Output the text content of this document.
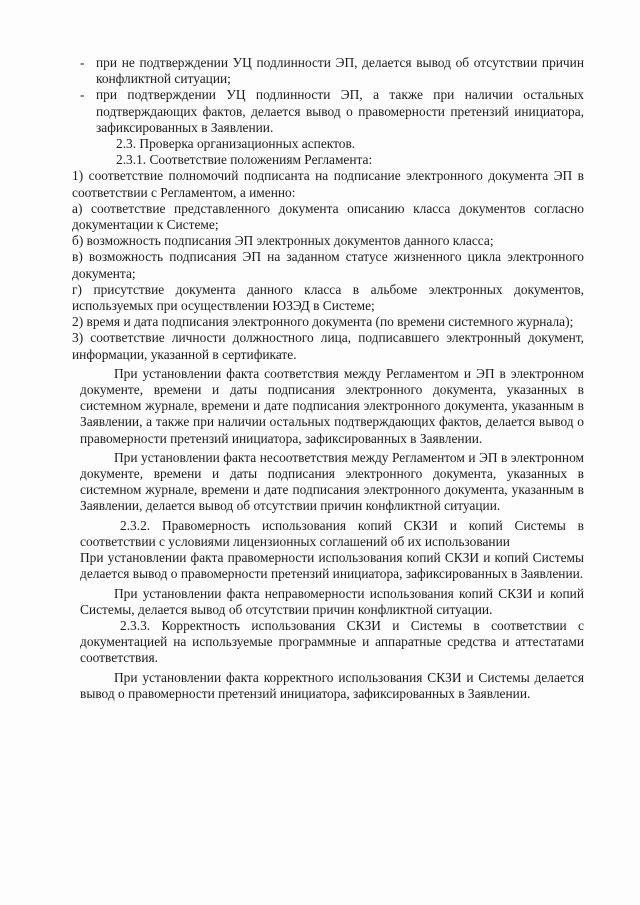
- при не подтверждении УЦ подлинности ЭП, делается вывод об отсутствии причин конфликтной ситуации;
- при подтверждении УЦ подлинности ЭП, а также при наличии остальных подтверждающих фактов, делается вывод о правомерности претензий инициатора, зафиксированных в Заявлении.

2.3. Проверка организационных аспектов.

2.3.1. Соответствие положениям Регламента:

1) соответствие полномочий подписанта на подписание электронного документа ЭП в соответствии с Регламентом, а именно:

а) соответствие представленного документа описанию класса документов согласно документации к Системе;

б) возможность подписания ЭП электронных документов данного класса;

в) возможность подписания ЭП на заданном статусе жизненного цикла электронного документа;

г) присутствие документа данного класса в альбоме электронных документов, используемых при осуществлении ЮЗЭД в Системе;

2) время и дата подписания электронного документа (по времени системного журнала);

3) соответствие личности должностного лица, подписавшего электронный документ, информации, указанной в сертификате.

При установлении факта соответствия между Регламентом и ЭП в электронном документе, времени и даты подписания электронного документа, указанных в системном журнале, времени и дате подписания электронного документа, указанным в Заявлении, а также при наличии остальных подтверждающих фактов, делается вывод о правомерности претензий инициатора, зафиксированных в Заявлении.

При установлении факта несоответствия между Регламентом и ЭП в электронном документе, времени и даты подписания электронного документа, указанных в системном журнале, времени и дате подписания электронного документа, указанным в Заявлении, делается вывод об отсутствии причин конфликтной ситуации.

2.3.2. Правомерность использования копий СКЗИ и копий Системы в соответствии с условиями лицензионных соглашений об их использовании

При установлении факта правомерности использования копий СКЗИ и копий Системы делается вывод о правомерности претензий инициатора, зафиксированных в Заявлении.

При установлении факта неправомерности использования копий СКЗИ и копий Системы, делается вывод об отсутствии причин конфликтной ситуации.

2.3.3. Корректность использования СКЗИ и Системы в соответствии с документацией на используемые программные и аппаратные средства и аттестатами соответствия.

При установлении факта корректного использования СКЗИ и Системы делается вывод о правомерности претензий инициатора, зафиксированных в Заявлении.
